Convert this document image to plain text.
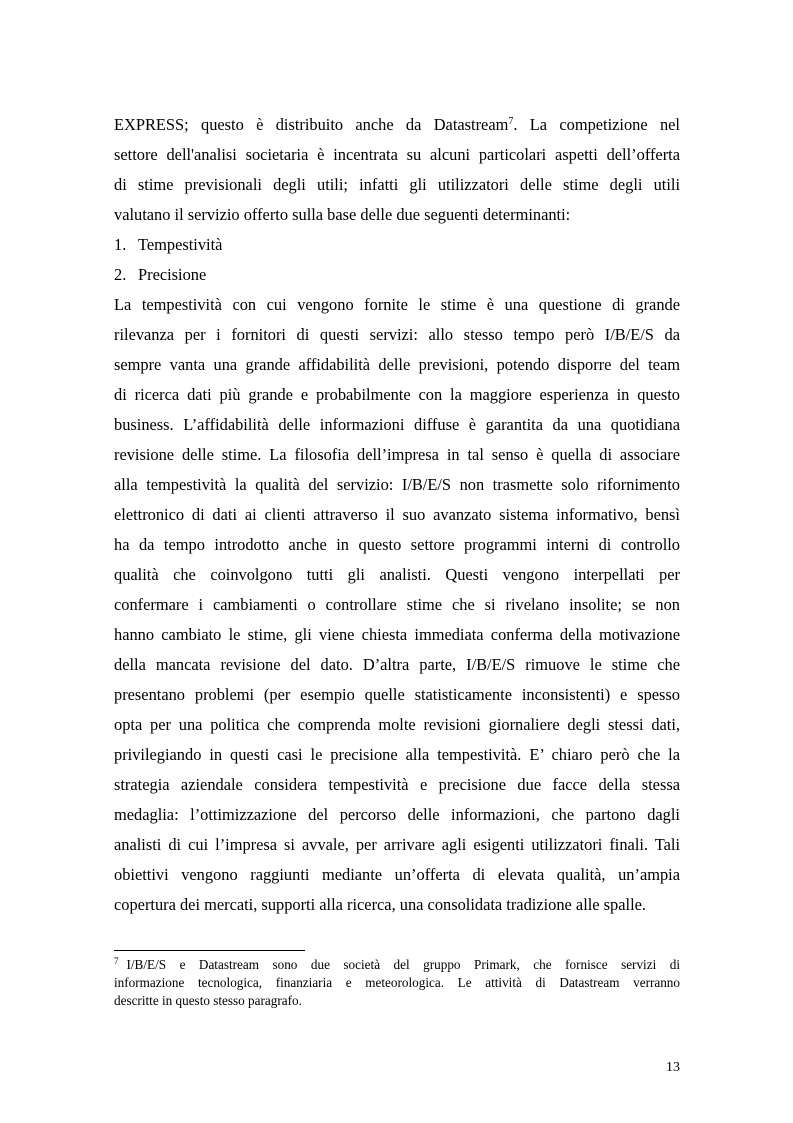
EXPRESS; questo è distribuito anche da Datastream$^7$. La competizione nel
settore dell'analisi societaria è incentrata su alcuni particolari aspetti dell’offerta
di stime previsionali degli utili; infatti gli utilizzatori delle stime degli utili
valutano il servizio offerto sulla base delle due seguenti determinanti:
1. Tempestività
2. Precisione
La tempestività con cui vengono fornite le stime è una questione di grande
rilevanza per i fornitori di questi servizi: allo stesso tempo però I/B/E/S da
sempre vanta una grande affidabilità delle previsioni, potendo disporre del team
di ricerca dati più grande e probabilmente con la maggiore esperienza in questo
business. L’affidabilità delle informazioni diffuse è garantita da una quotidiana
revisione delle stime. La filosofia dell’impresa in tal senso è quella di associare
alla tempestività la qualità del servizio: I/B/E/S non trasmette solo rifornimento
elettronico di dati ai clienti attraverso il suo avanzato sistema informativo, bensì
ha da tempo introdotto anche in questo settore programmi interni di controllo
qualità che coinvolgono tutti gli analisti. Questi vengono interpellati per
confermare i cambiamenti o controllare stime che si rivelano insolite; se non
hanno cambiato le stime, gli viene chiesta immediata conferma della motivazione
della mancata revisione del dato. D’altra parte, I/B/E/S rimuove le stime che
presentano problemi (per esempio quelle statisticamente inconsistenti) e spesso
opta per una politica che comprenda molte revisioni giornaliere degli stessi dati,
privilegiando in questi casi le precisione alla tempestività. E’ chiaro però che la
strategia aziendale considera tempestività e precisione due facce della stessa
medaglia: l’ottimizzazione del percorso delle informazioni, che partono dagli
analisti di cui l’impresa si avvale, per arrivare agli esigenti utilizzatori finali. Tali
obiettivi vengono raggiunti mediante un’offerta di elevata qualità, un’ampia
copertura dei mercati, supporti alla ricerca, una consolidata tradizione alle spalle.
$^7$ I/B/E/S e Datastream sono due società del gruppo Primark, che fornisce servizi di
informazione tecnologica, finanziaria e meteorologica. Le attività di Datastream verranno
descritte in questo stesso paragrafo.
13
